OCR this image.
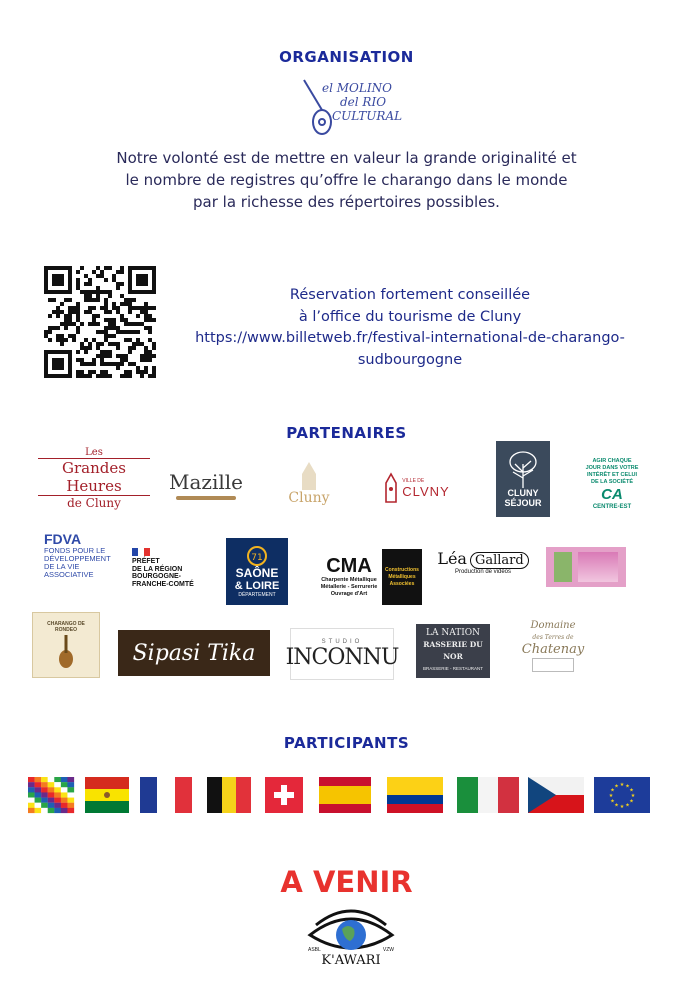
ORGANISATION
el MOLINO
del RIO
CULTURAL
Notre volonté est de mettre en valeur la grande originalité et
le nombre de registres qu’offre le charango dans le monde
par la richesse des répertoires possibles.
Réservation fortement conseillée
à l’office du tourisme de Cluny
https://www.billetweb.fr/festival-international-de-charango-
sudbourgogne
PARTENAIRES
Les
Grandes Heures
de Cluny
Mazille
Cluny
VILLE DE
CLVNY	CLUNY
SÉJOUR
AGIR CHAQUE
JOUR DANS VOTRE
INTÉRÊT ET CELUI
DE LA SOCIÉTÉ
CA
CENTRE-EST
FDVA
FONDS POUR LE
DÉVELOPPEMENT
DE LA VIE
ASSOCIATIVE
PRÉFET
DE LA RÉGION
BOURGOGNE-
FRANCHE-COMTÉ
71
SAÔNE
& LOIRE
DÉPARTEMENT
CMA
Charpente Métallique
Métallerie - Serrurerie
Ouvrage d'Art
Constructions
Métalliques
Associées
Léa Gallard
Production de vidéos
CHARANGO DE
RONDEO
Sipasi Tika	STUDIO
INCONNU
LA NATION
RASSERIE DU NOR
BRASSERIE - RESTAURANT
Domaine
des Terres de
Chatenay
PARTICIPANTS
★
★
★
★
★
★
★
★
★ ★ ★
★
A VENIR
ASBL	VZW
K'AWARI
